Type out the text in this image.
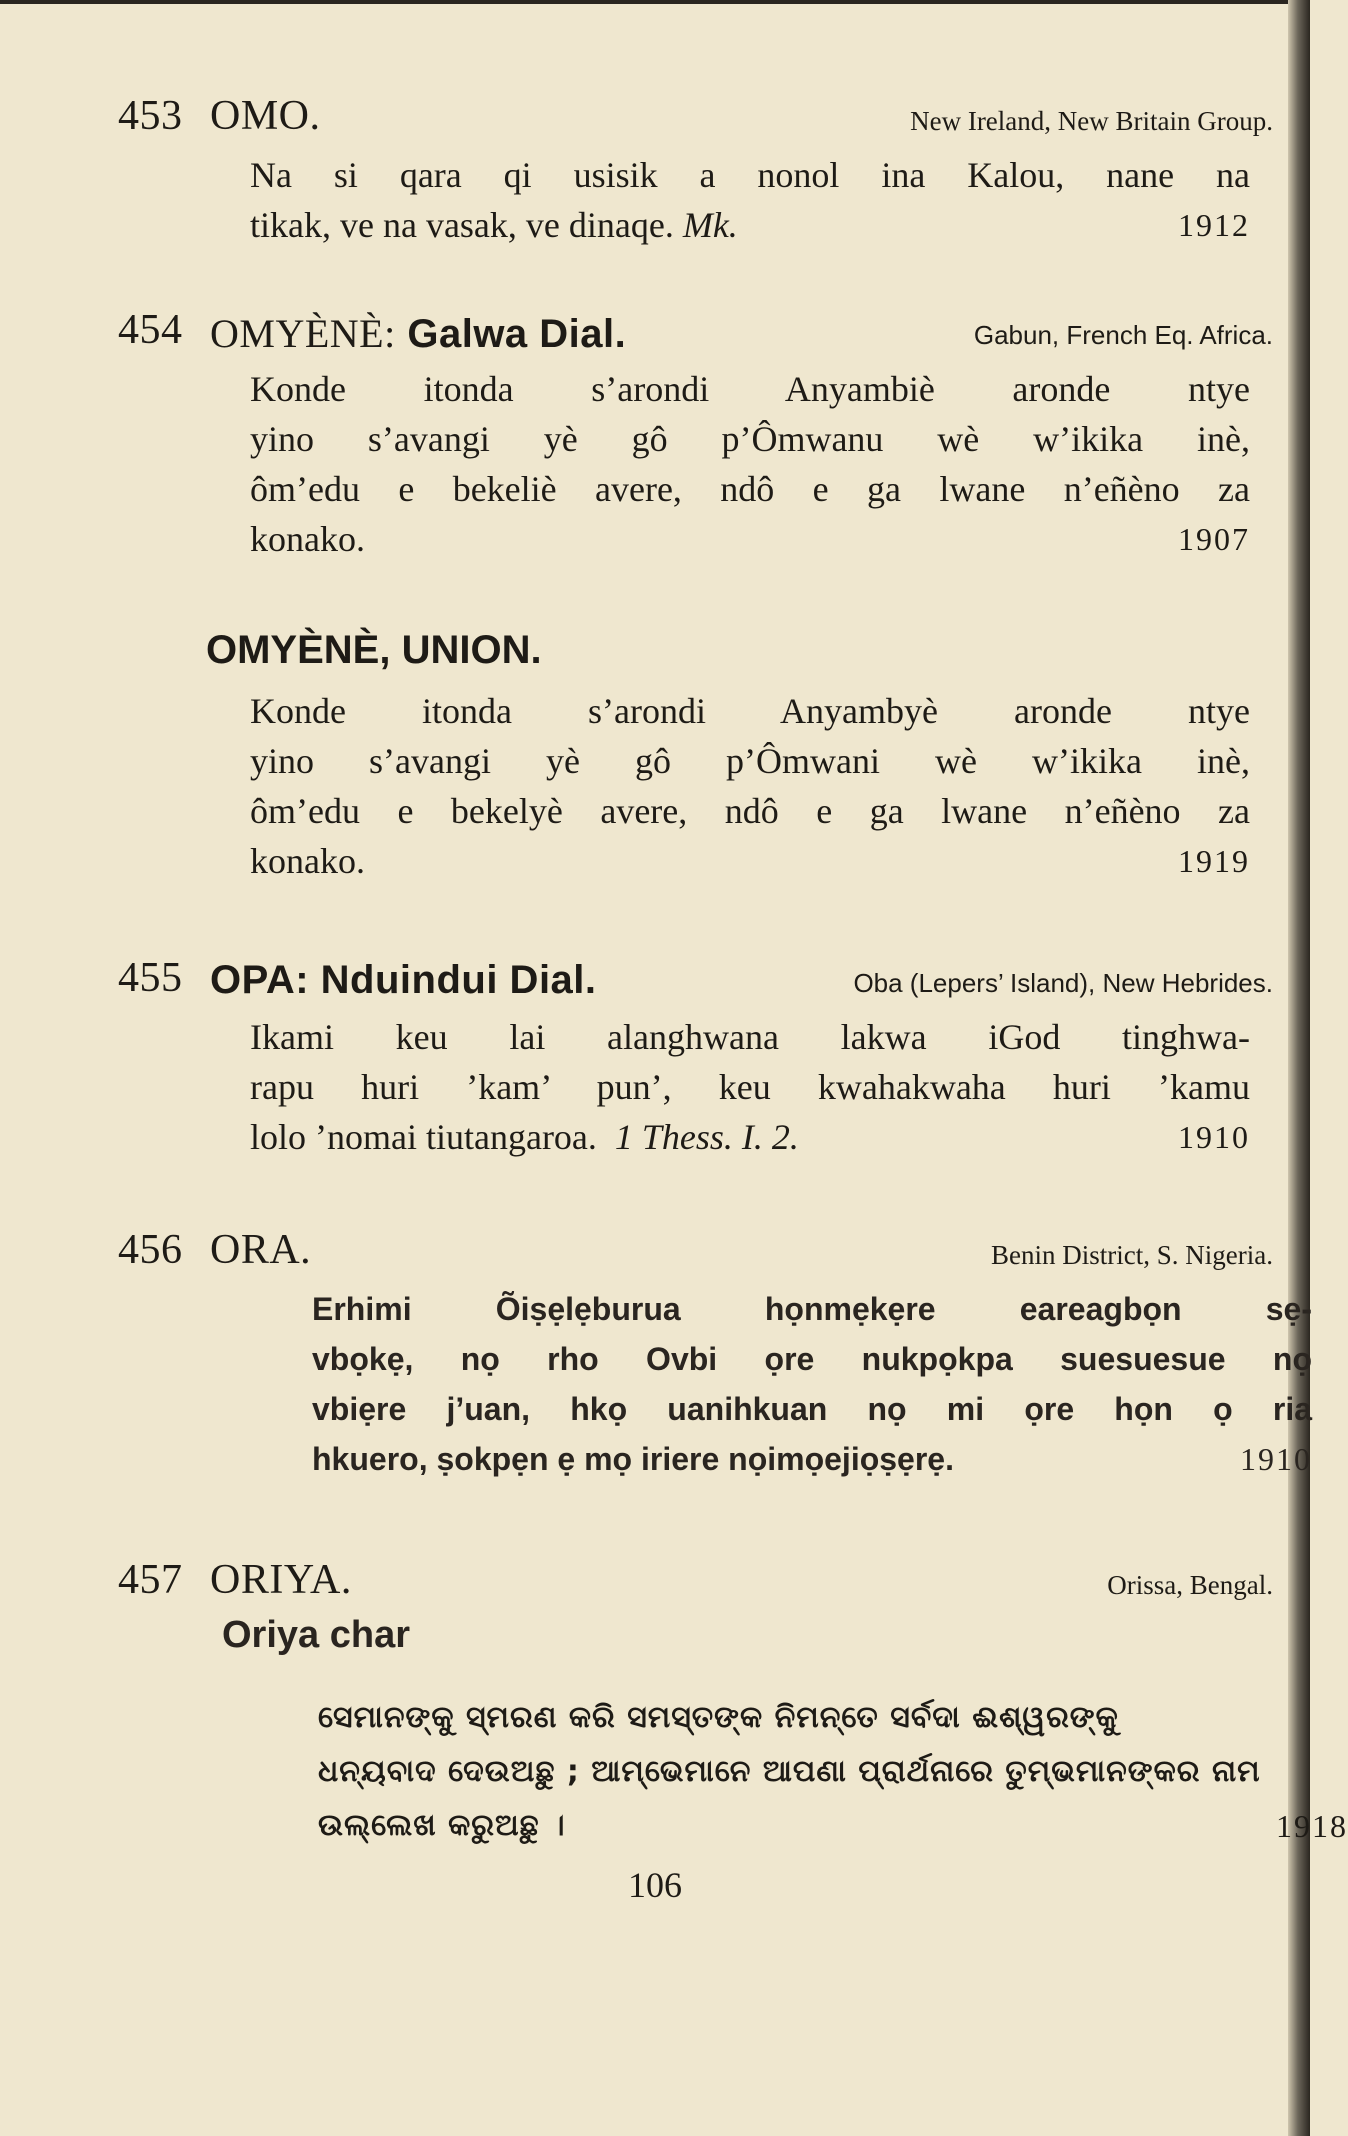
453 OMO.	New Ireland, New Britain Group.
Na si qara qi usisik a nonol ina Kalou, nane na
tikak, ve na vasak, ve dinaqe. Mk.	1912
454 OMYÈNÈ: Galwa Dial.	Gabun, French Eq. Africa.
Konde itonda s’arondi Anyambiè aronde ntye
yino s’avangi yè gô p’Ômwanu wè w’ikika inè,
ôm’edu e bekeliè avere, ndô e ga lwane n’eñèno za
konako.	1907
OMYÈNÈ, UNION.
Konde itonda s’arondi Anyambyè aronde ntye
yino s’avangi yè gô p’Ômwani wè w’ikika inè,
ôm’edu e bekelyè avere, ndô e ga lwane n’eñèno za
konako.	1919
455 OPA: Nduindui Dial.	Oba (Lepers’ Island), New Hebrides.
Ikami keu lai alanghwana lakwa iGod tinghwa-
rapu huri ’kam’ pun’, keu kwahakwaha huri ’kamu
lolo ’nomai tiutangaroa. 1 Thess. I. 2.	1910
456 ORA.	Benin District, S. Nigeria.
Erhimi Õiṣẹlẹburua họnmẹkẹre eareagbọn sẹ-
vbọkẹ, nọ rho Ovbi ọre nukpọkpa suesuesue nọ
vbiẹre j’uan, hkọ uanihkuan nọ mi ọre họn ọ ria
hkuero, ṣokpẹn ẹ mọ iriere nọimọejiọṣẹrẹ.	1910
457 ORIYA.	Orissa, Bengal.
Oriya char
ସେମାନଙ୍କୁ ସ୍ମରଣ କରି ସମସ୍ତଙ୍କ ନିମନ୍ତେ ସର୍ବଦା ଈଶ୍ୱରଙ୍କୁ
ଧନ୍ୟବାଦ ଦେଉଅଛୁ ; ଆମ୍ଭେମାନେ ଆପଣା ପ୍ରାର୍ଥନାରେ ତୁମ୍ଭମାନଙ୍କର ନାମ
ଉଲ୍ଲେଖ କରୁଅଛୁ ।	1918
106
